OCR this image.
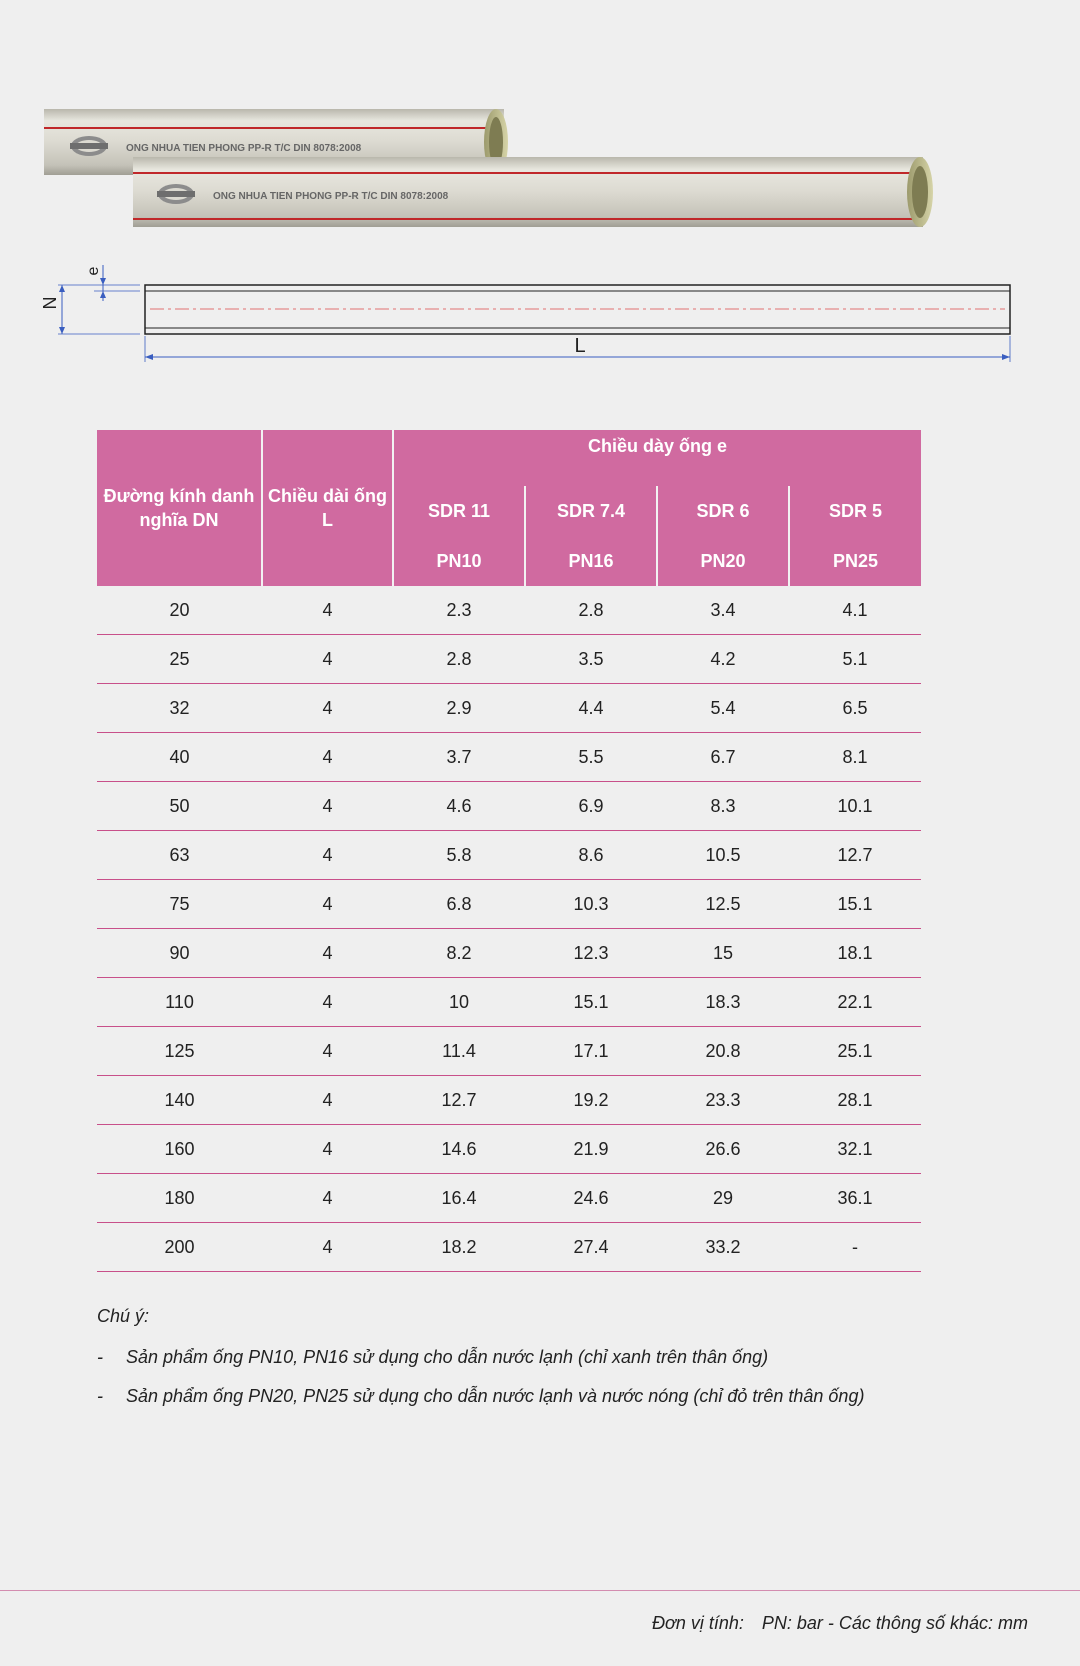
ONG NHUA TIEN PHONG PP-R T/C DIN 8078:2008
ONG NHUA TIEN PHONG PP-R T/C DIN 8078:2008
N
e
L
Đường kính danh nghĩa DN	Chiều dài ống L	Chiều dày ống e			
		SDR 11	SDR 7.4	SDR 6	SDR 5
		PN10	PN16	PN20	PN25
20	4	2.3	2.8	3.4	4.1
25	4	2.8	3.5	4.2	5.1
32	4	2.9	4.4	5.4	6.5
40	4	3.7	5.5	6.7	8.1
50	4	4.6	6.9	8.3	10.1
63	4	5.8	8.6	10.5	12.7
75	4	6.8	10.3	12.5	15.1
90	4	8.2	12.3	15	18.1
110	4	10	15.1	18.3	22.1
125	4	11.4	17.1	20.8	25.1
140	4	12.7	19.2	23.3	28.1
160	4	14.6	21.9	26.6	32.1
180	4	16.4	24.6	29	36.1
200	4	18.2	27.4	33.2	-
Chú ý:
-	Sản phẩm ống PN10, PN16 sử dụng cho dẫn nước lạnh (chỉ xanh trên thân ống)
-	Sản phẩm ống PN20, PN25 sử dụng cho dẫn nước lạnh và nước nóng (chỉ đỏ trên thân ống)
Đơn vị tính: PN: bar - Các thông số khác: mm
